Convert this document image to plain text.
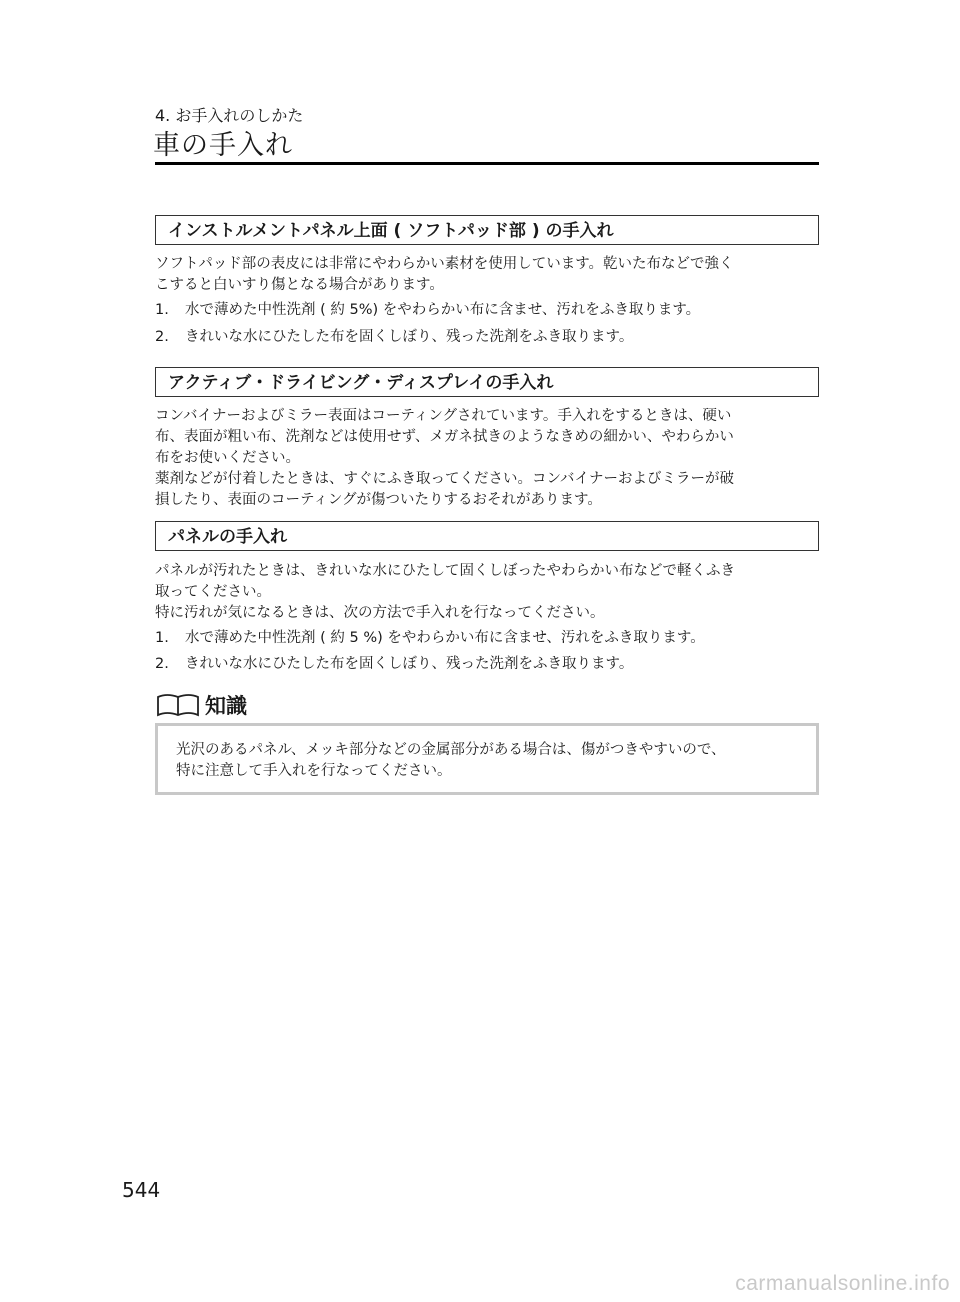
4. お手入れのしかた
車の手入れ
インストルメントパネル上面 ( ソフトパッド部 ) の手入れ

ソフトパッド部の表皮には非常にやわらかい素材を使用しています。乾いた布などで強く

こすると白いすり傷となる場合があります。

1. 水で薄めた中性洗剤 ( 約 5%) をやわらかい布に含ませ、汚れをふき取ります。

2. きれいな水にひたした布を固くしぼり、残った洗剤をふき取ります。

アクティブ・ドライビング・ディスプレイの手入れ

コンバイナーおよびミラー表面はコーティングされています。手入れをするときは、硬い

布、表面が粗い布、洗剤などは使用せず、メガネ拭きのようなきめの細かい、やわらかい

布をお使いください。

薬剤などが付着したときは、すぐにふき取ってください。コンバイナーおよびミラーが破

損したり、表面のコーティングが傷ついたりするおそれがあります。

パネルの手入れ

パネルが汚れたときは、きれいな水にひたして固くしぼったやわらかい布などで軽くふき

取ってください。

特に汚れが気になるときは、次の方法で手入れを行なってください。

1. 水で薄めた中性洗剤 ( 約 5 %) をやわらかい布に含ませ、汚れをふき取ります。

2. きれいな水にひたした布を固くしぼり、残った洗剤をふき取ります。

知識
光沢のあるパネル、メッキ部分などの金属部分がある場合は、傷がつきやすいので、
特に注意して手入れを行なってください。
544
carmanualsonline.info
